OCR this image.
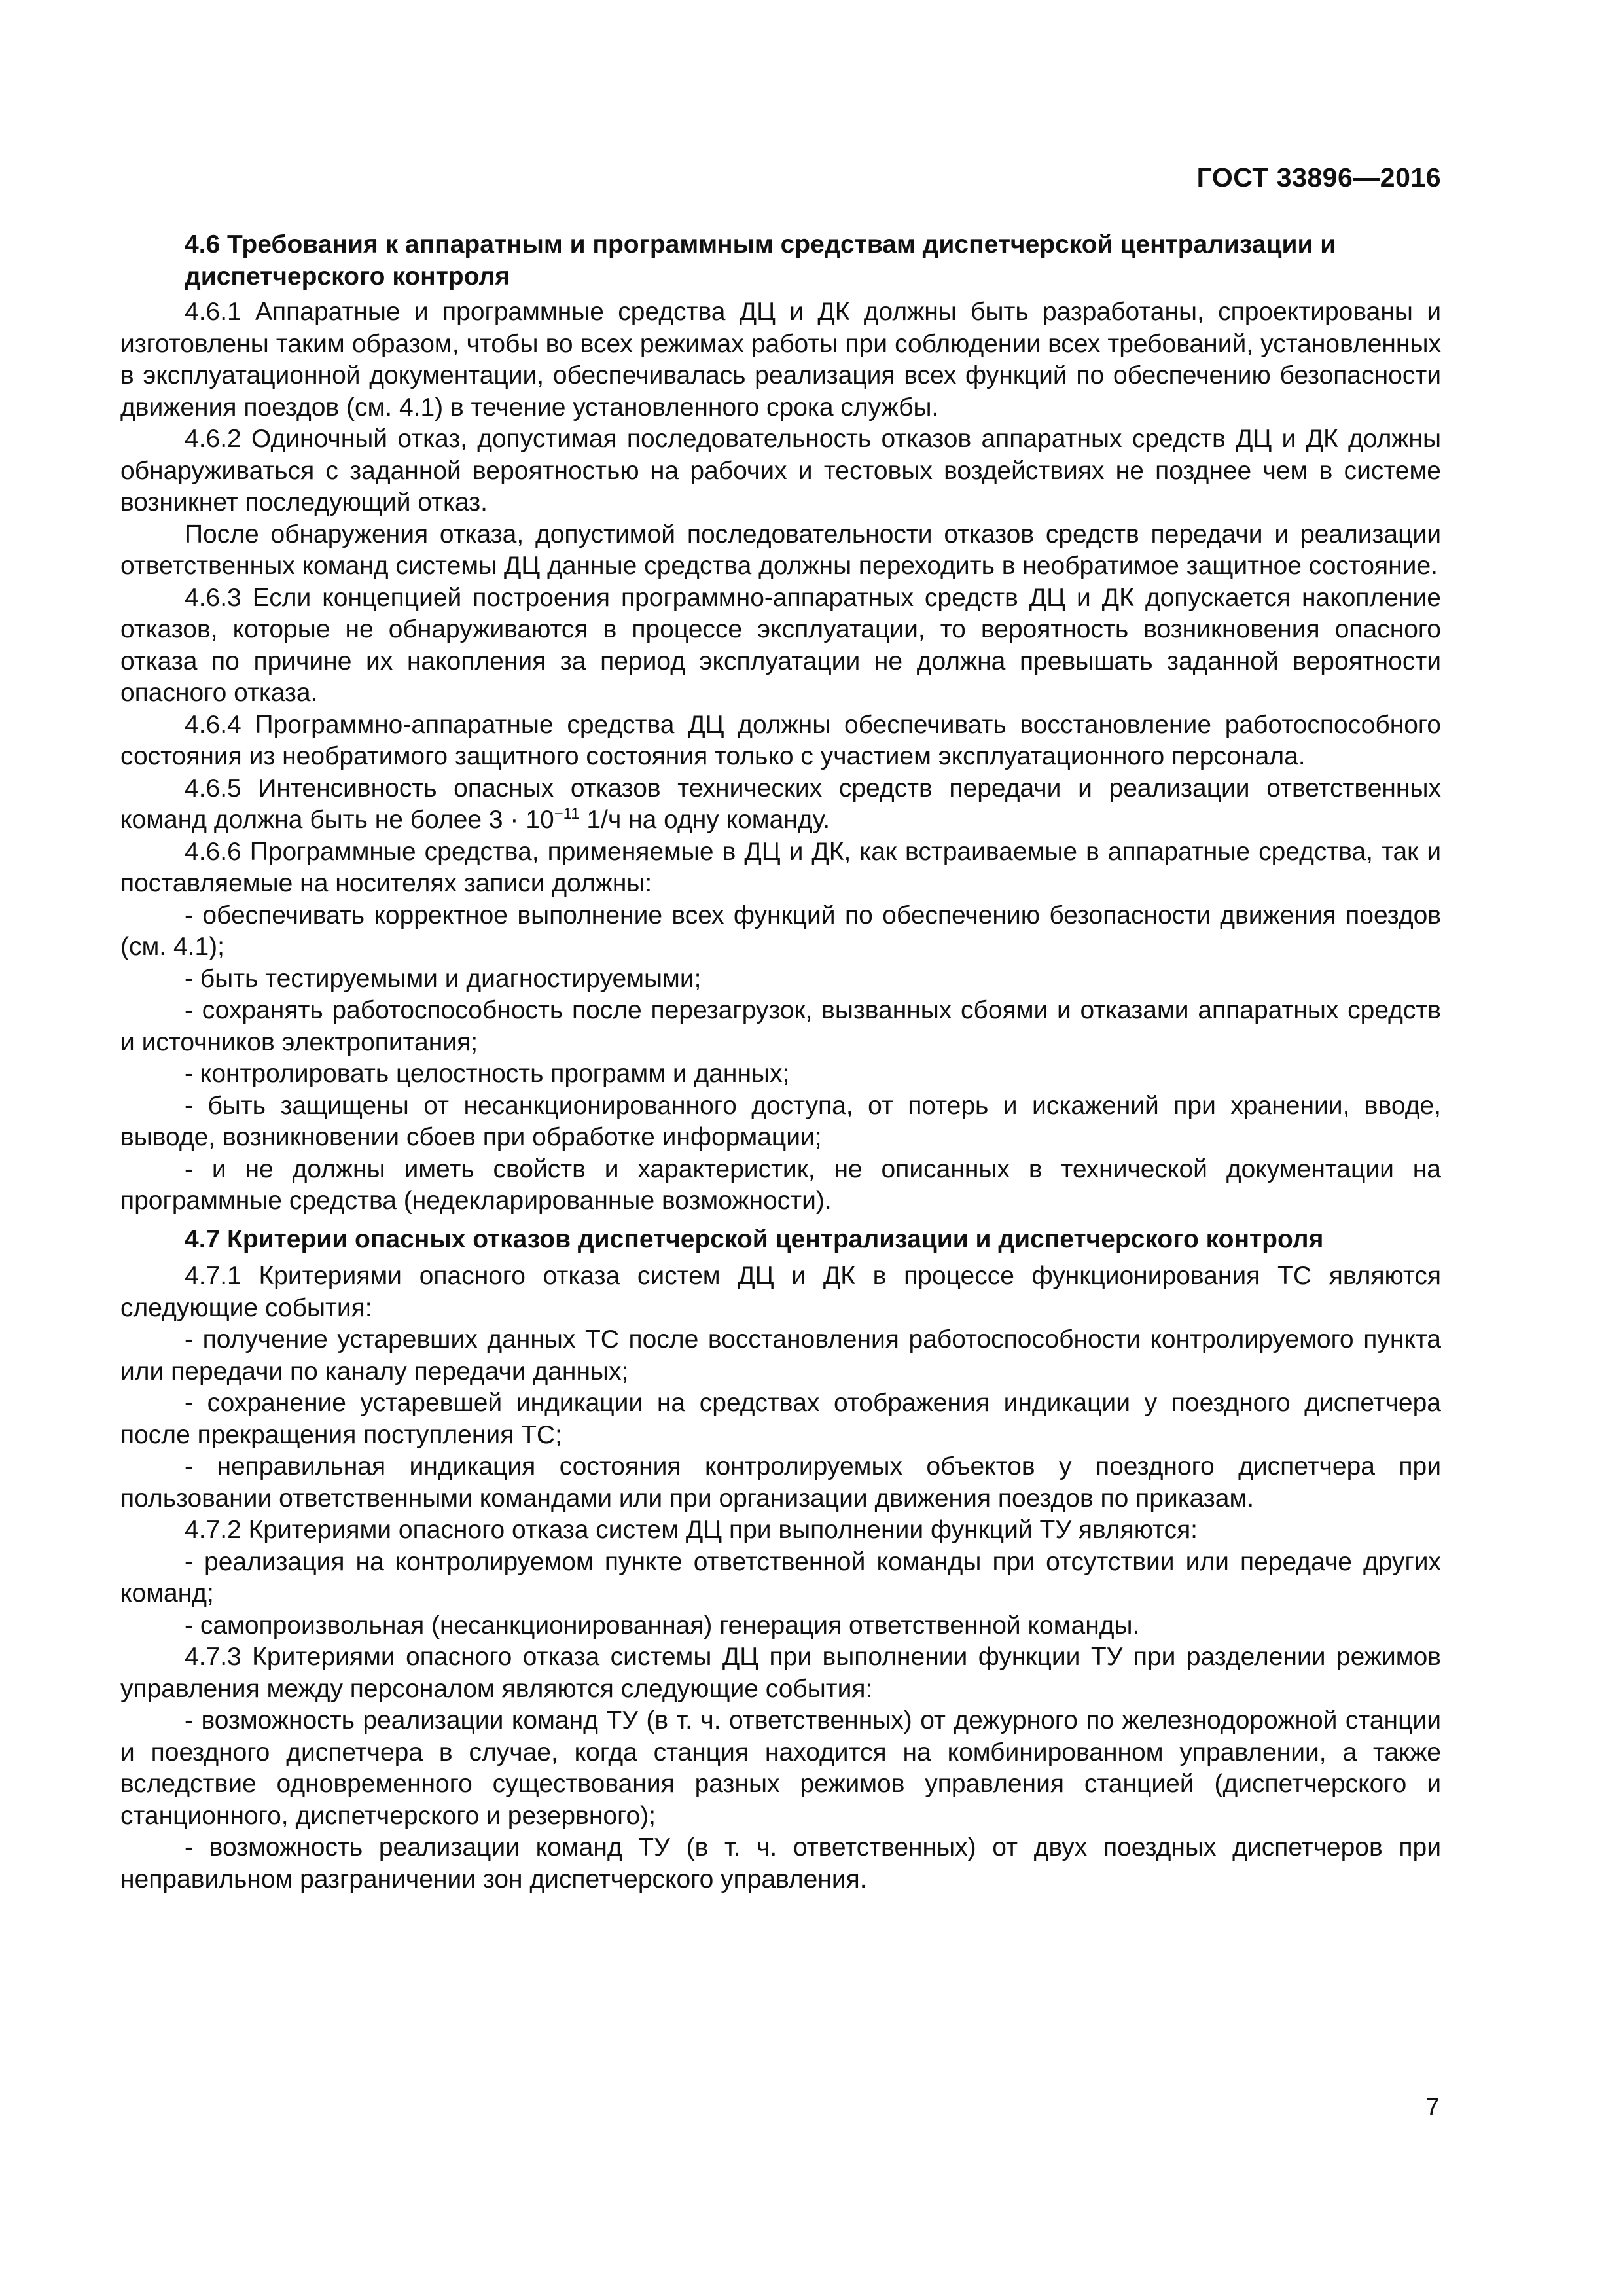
ГОСТ 33896—2016

4.6 Требования к аппаратным и программным средствам диспетчерской централизации и диспетчерского контроля

4.6.1 Аппаратные и программные средства ДЦ и ДК должны быть разработаны, спроектированы и изготовлены таким образом, чтобы во всех режимах работы при соблюдении всех требований, установленных в эксплуатационной документации, обеспечивалась реализация всех функций по обеспечению безопасности движения поездов (см. 4.1) в течение установленного срока службы.

4.6.2 Одиночный отказ, допустимая последовательность отказов аппаратных средств ДЦ и ДК должны обнаруживаться с заданной вероятностью на рабочих и тестовых воздействиях не позднее чем в системе возникнет последующий отказ.

После обнаружения отказа, допустимой последовательности отказов средств передачи и реализации ответственных команд системы ДЦ данные средства должны переходить в необратимое защитное состояние.

4.6.3 Если концепцией построения программно-аппаратных средств ДЦ и ДК допускается накопление отказов, которые не обнаруживаются в процессе эксплуатации, то вероятность возникновения опасного отказа по причине их накопления за период эксплуатации не должна превышать заданной вероятности опасного отказа.

4.6.4 Программно-аппаратные средства ДЦ должны обеспечивать восстановление работоспособного состояния из необратимого защитного состояния только с участием эксплуатационного персонала.

4.6.5 Интенсивность опасных отказов технических средств передачи и реализации ответственных команд должна быть не более $3 \cdot 10^{-11}$ 1/ч на одну команду.

4.6.6 Программные средства, применяемые в ДЦ и ДК, как встраиваемые в аппаратные средства, так и поставляемые на носителях записи должны:

- обеспечивать корректное выполнение всех функций по обеспечению безопасности движения поездов (см. 4.1);

- быть тестируемыми и диагностируемыми;

- сохранять работоспособность после перезагрузок, вызванных сбоями и отказами аппаратных средств и источников электропитания;

- контролировать целостность программ и данных;

- быть защищены от несанкционированного доступа, от потерь и искажений при хранении, вводе, выводе, возникновении сбоев при обработке информации;

- и не должны иметь свойств и характеристик, не описанных в технической документации на программные средства (недекларированные возможности).

4.7 Критерии опасных отказов диспетчерской централизации и диспетчерского контроля

4.7.1 Критериями опасного отказа систем ДЦ и ДК в процессе функционирования ТС являются следующие события:

- получение устаревших данных ТС после восстановления работоспособности контролируемого пункта или передачи по каналу передачи данных;

- сохранение устаревшей индикации на средствах отображения индикации у поездного диспетчера после прекращения поступления ТС;

- неправильная индикация состояния контролируемых объектов у поездного диспетчера при пользовании ответственными командами или при организации движения поездов по приказам.

4.7.2 Критериями опасного отказа систем ДЦ при выполнении функций ТУ являются:

- реализация на контролируемом пункте ответственной команды при отсутствии или передаче других команд;

- самопроизвольная (несанкционированная) генерация ответственной команды.

4.7.3 Критериями опасного отказа системы ДЦ при выполнении функции ТУ при разделении режимов управления между персоналом являются следующие события:

- возможность реализации команд ТУ (в т. ч. ответственных) от дежурного по железнодорожной станции и поездного диспетчера в случае, когда станция находится на комбинированном управлении, а также вследствие одновременного существования разных режимов управления станцией (диспетчерского и станционного, диспетчерского и резервного);

- возможность реализации команд ТУ (в т. ч. ответственных) от двух поездных диспетчеров при неправильном разграничении зон диспетчерского управления.

7
